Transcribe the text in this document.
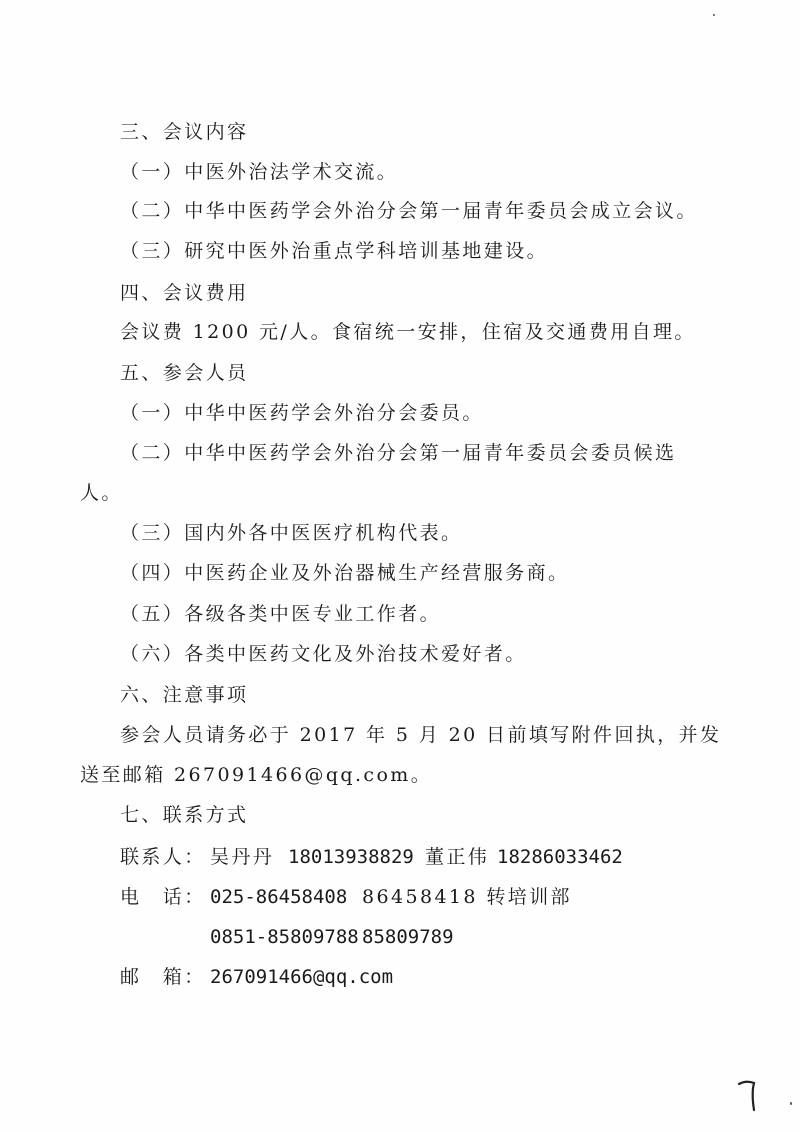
三、会议内容
（一）中医外治法学术交流。
（二）中华中医药学会外治分会第一届青年委员会成立会议。
（三）研究中医外治重点学科培训基地建设。
四、会议费用
会议费 1200 元/人。食宿统一安排，住宿及交通费用自理。
五、参会人员
（一）中华中医药学会外治分会委员。
（二）中华中医药学会外治分会第一届青年委员会委员候选
人。
（三）国内外各中医医疗机构代表。
（四）中医药企业及外治器械生产经营服务商。
（五）各级各类中医专业工作者。
（六）各类中医药文化及外治技术爱好者。
六、注意事项
参会人员请务必于 2017 年 5 月 20 日前填写附件回执，并发
送至邮箱 267091466@qq.com。
七、联系方式
联系人： 吴丹丹 18013938829 董正伟 18286033462
电　话： 025-86458408 86458418 转培训部
0851-85809788 85809789
邮　箱： 267091466@qq.com
